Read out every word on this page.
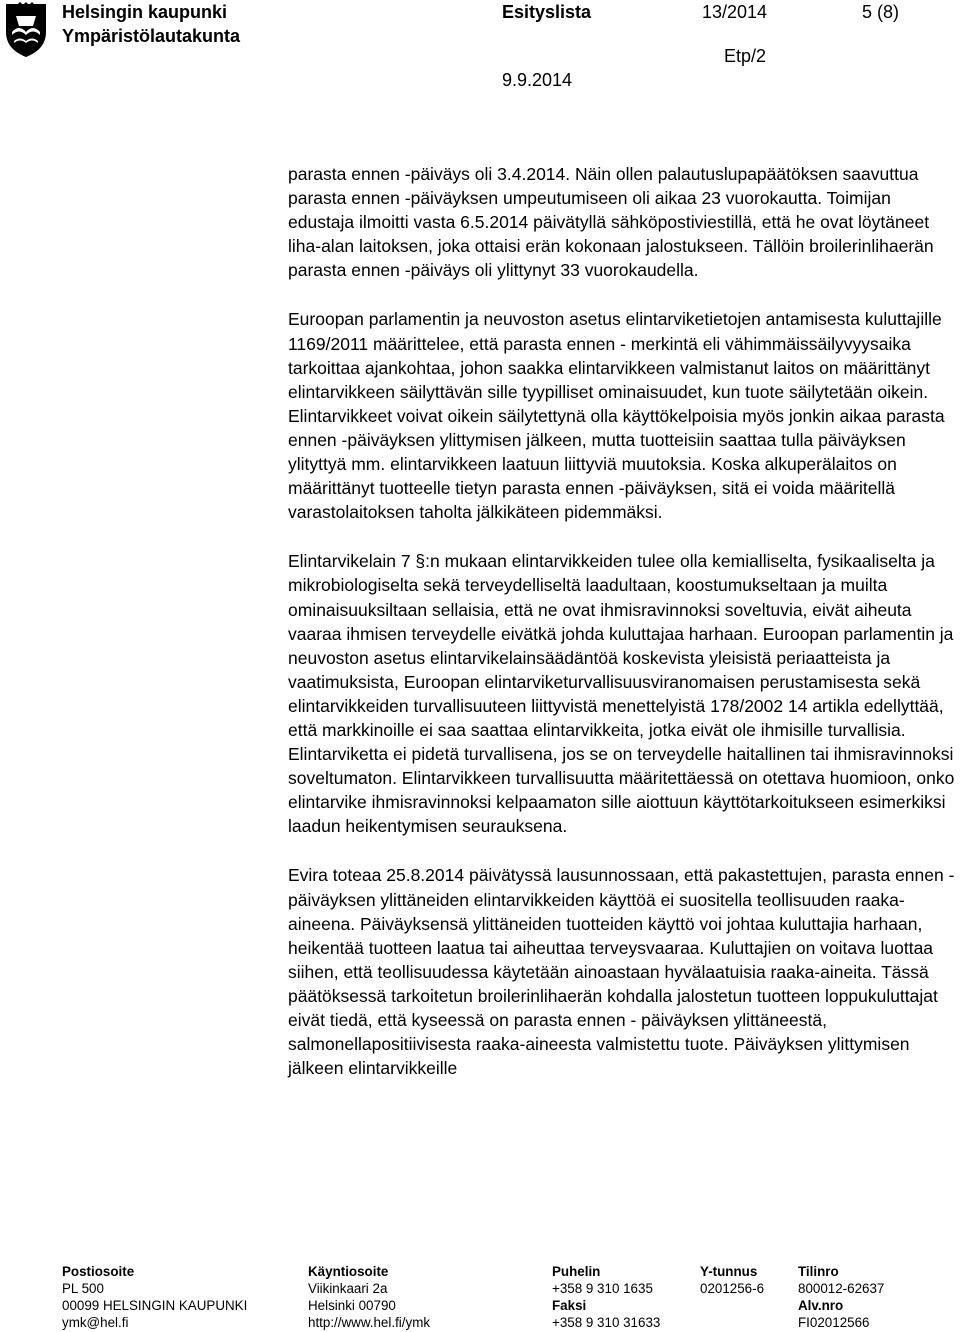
Helsingin kaupunki
Ympäristölautakunta
Esityslista	13/2014	5 (8)
Etp/2
9.9.2014

parasta ennen -päiväys oli 3.4.2014. Näin ollen palautuslupapäätöksen saavuttua parasta ennen -päiväyksen umpeutumiseen oli aikaa 23 vuorokautta. Toimijan edustaja ilmoitti vasta 6.5.2014 päivätyllä sähköpostiviestillä, että he ovat löytäneet liha-alan laitoksen, joka ottaisi erän kokonaan jalostukseen. Tällöin broilerinlihaerän parasta ennen -päiväys oli ylittynyt 33 vuorokaudella.

Euroopan parlamentin ja neuvoston asetus elintarviketietojen antamisesta kuluttajille 1169/2011 määrittelee, että parasta ennen - merkintä eli vähimmäissäilyvyysaika tarkoittaa ajankohtaa, johon saakka elintarvikkeen valmistanut laitos on määrittänyt elintarvikkeen säilyttävän sille tyypilliset ominaisuudet, kun tuote säilytetään oikein. Elintarvikkeet voivat oikein säilytettynä olla käyttökelpoisia myös jonkin aikaa parasta ennen -päiväyksen ylittymisen jälkeen, mutta tuotteisiin saattaa tulla päiväyksen ylityttyä mm. elintarvikkeen laatuun liittyviä muutoksia. Koska alkuperälaitos on määrittänyt tuotteelle tietyn parasta ennen -päiväyksen, sitä ei voida määritellä varastolaitoksen taholta jälkikäteen pidemmäksi.

Elintarvikelain 7 §:n mukaan elintarvikkeiden tulee olla kemialliselta, fysikaaliselta ja mikrobiologiselta sekä terveydelliseltä laadultaan, koostumukseltaan ja muilta ominaisuuksiltaan sellaisia, että ne ovat ihmisravinnoksi soveltuvia, eivät aiheuta vaaraa ihmisen terveydelle eivätkä johda kuluttajaa harhaan. Euroopan parlamentin ja neuvoston asetus elintarvikelainsäädäntöä koskevista yleisistä periaatteista ja vaatimuksista, Euroopan elintarviketurvallisuusviranomaisen perustamisesta sekä elintarvikkeiden turvallisuuteen liittyvistä menettelyistä 178/2002 14 artikla edellyttää, että markkinoille ei saa saattaa elintarvikkeita, jotka eivät ole ihmisille turvallisia. Elintarviketta ei pidetä turvallisena, jos se on terveydelle haitallinen tai ihmisravinnoksi soveltumaton. Elintarvikkeen turvallisuutta määritettäessä on otettava huomioon, onko elintarvike ihmisravinnoksi kelpaamaton sille aiottuun käyttötarkoitukseen esimerkiksi laadun heikentymisen seurauksena.

Evira toteaa 25.8.2014 päivätyssä lausunnossaan, että pakastettujen, parasta ennen -päiväyksen ylittäneiden elintarvikkeiden käyttöä ei suositella teollisuuden raaka-aineena. Päiväyksensä ylittäneiden tuotteiden käyttö voi johtaa kuluttajia harhaan, heikentää tuotteen laatua tai aiheuttaa terveysvaaraa. Kuluttajien on voitava luottaa siihen, että teollisuudessa käytetään ainoastaan hyvälaatuisia raaka-aineita. Tässä päätöksessä tarkoitetun broilerinlihaerän kohdalla jalostetun tuotteen loppukuluttajat eivät tiedä, että kyseessä on parasta ennen - päiväyksen ylittäneestä, salmonellapositiivisesta raaka-aineesta valmistettu tuote. Päiväyksen ylittymisen jälkeen elintarvikkeille

Postiosoite
PL 500
00099 HELSINGIN KAUPUNKI
ymk@hel.fi
Käyntiosoite
Viikinkaari 2a
Helsinki 00790
http://www.hel.fi/ymk
Puhelin
+358 9 310 1635
Faksi
+358 9 310 31633
Y-tunnus
0201256-6
Tilinro
800012-62637
Alv.nro
FI02012566
